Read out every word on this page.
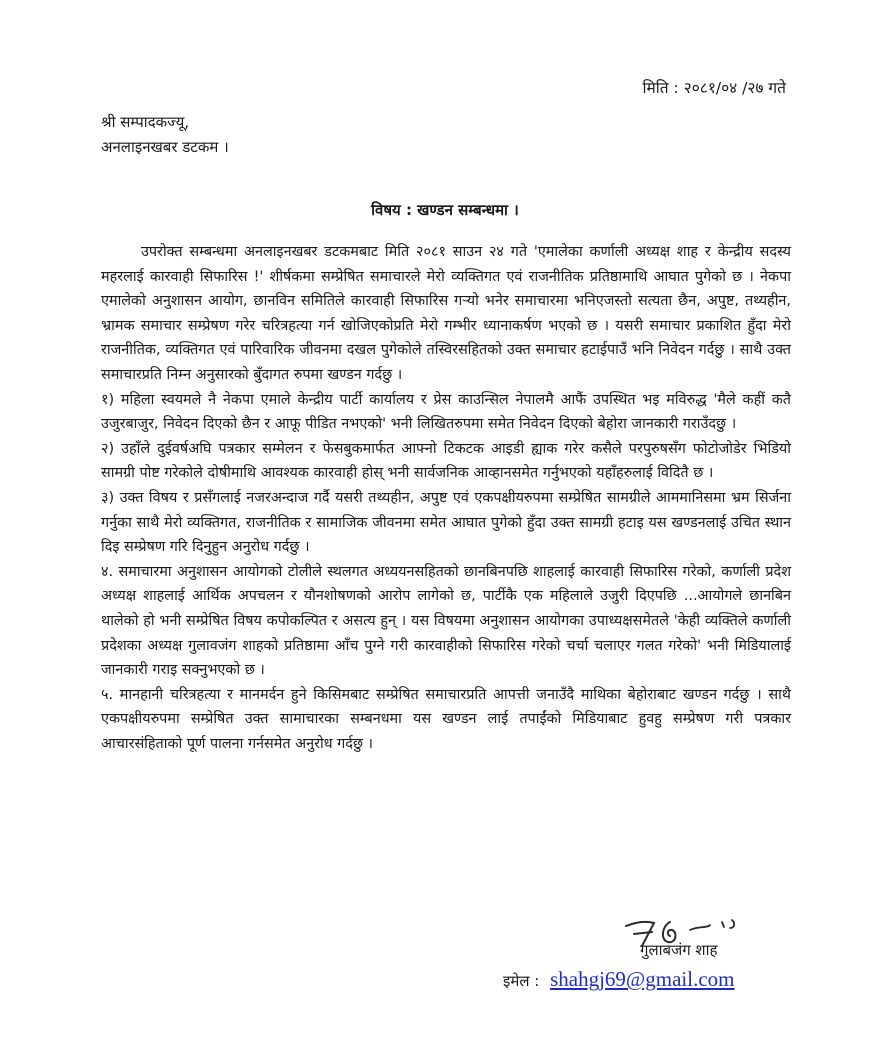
मिति : २०८१/०४ /२७ गते
श्री सम्पादकज्यू,
अनलाइनखबर डटकम ।
विषय : खण्डन सम्बन्धमा ।

उपरोक्त सम्बन्धमा अनलाइनखबर डटकमबाट मिति २०८१ साउन २४ गते 'एमालेका कर्णाली अध्यक्ष शाह र केन्द्रीय सदस्य महरलाई कारवाही सिफारिस !' शीर्षकमा सम्प्रेषित समाचारले मेरो व्यक्तिगत एवं राजनीतिक प्रतिष्ठामाथि आघात पुगेको छ । नेकपा एमालेको अनुशासन आयोग, छानविन समितिले कारवाही सिफारिस गऱ्यो भनेर समाचारमा भनिएजस्तो सत्यता छैन, अपुष्ट, तथ्यहीन, भ्रामक समाचार सम्प्रेषण गरेर चरित्रहत्या गर्न खोजिएकोप्रति मेरो गम्भीर ध्यानाकर्षण भएको छ । यसरी समाचार प्रकाशित हुँदा मेरो राजनीतिक, व्यक्तिगत एवं पारिवारिक जीवनमा दखल पुगेकोले तस्विरसहितको उक्त समाचार हटाईपाउँ भनि निवेदन गर्दछु । साथै उक्त समाचारप्रति निम्न अनुसारको बुँदागत रुपमा खण्डन गर्दछु ।

१) महिला स्वयमले नै नेकपा एमाले केन्द्रीय पार्टी कार्यालय र प्रेस काउन्सिल नेपालमै आफैं उपस्थित भइ मविरुद्ध 'मैले कहीं कतै उजुरबाजुर, निवेदन दिएको छैन र आफू पीडित नभएको' भनी लिखितरुपमा समेत निवेदन दिएको बेहोरा जानकारी गराउँदछु ।

२) उहाँले दुईवर्षअघि पत्रकार सम्मेलन र फेसबुकमार्फत आफ्नो टिकटक आइडी ह्याक गरेर कसैले परपुरुषसँग फोटोजोडेर भिडियो सामग्री पोष्ट गरेकोले दोषीमाथि आवश्यक कारवाही होस् भनी सार्वजनिक आव्हानसमेत गर्नुभएको यहाँहरुलाई विदितै छ ।

३) उक्त विषय र प्रसँगलाई नजरअन्दाज गर्दै यसरी तथ्यहीन, अपुष्ट एवं एकपक्षीयरुपमा सम्प्रेषित सामग्रीले आममानिसमा भ्रम सिर्जना गर्नुका साथै मेरो व्यक्तिगत, राजनीतिक र सामाजिक जीवनमा समेत आघात पुगेको हुँदा उक्त सामग्री हटाइ यस खण्डनलाई उचित स्थान दिइ सम्प्रेषण गरि दिनुहुन अनुरोध गर्दछु ।

४. समाचारमा अनुशासन आयोगको टोलीले स्थलगत अध्ययनसहितको छानबिनपछि शाहलाई कारवाही सिफारिस गरेको, कर्णाली प्रदेश अध्यक्ष शाहलाई आर्थिक अपचलन र यौनशोषणको आरोप लागेको छ, पार्टीकै एक महिलाले उजुरी दिएपछि ...आयोगले छानबिन थालेको हो भनी सम्प्रेषित विषय कपोकल्पित र असत्य हुन् । यस विषयमा अनुशासन आयोगका उपाध्यक्षसमेतले 'केही व्यक्तिले कर्णाली प्रदेशका अध्यक्ष गुलावजंग शाहको प्रतिष्ठामा आँच पुग्ने गरी कारवाहीको सिफारिस गरेको चर्चा चलाएर गलत गरेको' भनी मिडियालाई जानकारी गराइ सक्नुभएको छ ।

५. मानहानी चरित्रहत्या र मानमर्दन हुने किसिमबाट सम्प्रेषित समाचारप्रति आपत्ती जनाउँदै माथिका बेहोराबाट खण्डन गर्दछु । साथै एकपक्षीयरुपमा सम्प्रेषित उक्त सामाचारका सम्बनधमा यस खण्डन लाई तपाईंको मिडियाबाट हुवहु सम्प्रेषण गरी पत्रकार आचारसंहिताको पूर्ण पालना गर्नसमेत अनुरोध गर्दछु ।

गुलाबजंग शाह
इमेल : shahgj69@gmail.com
